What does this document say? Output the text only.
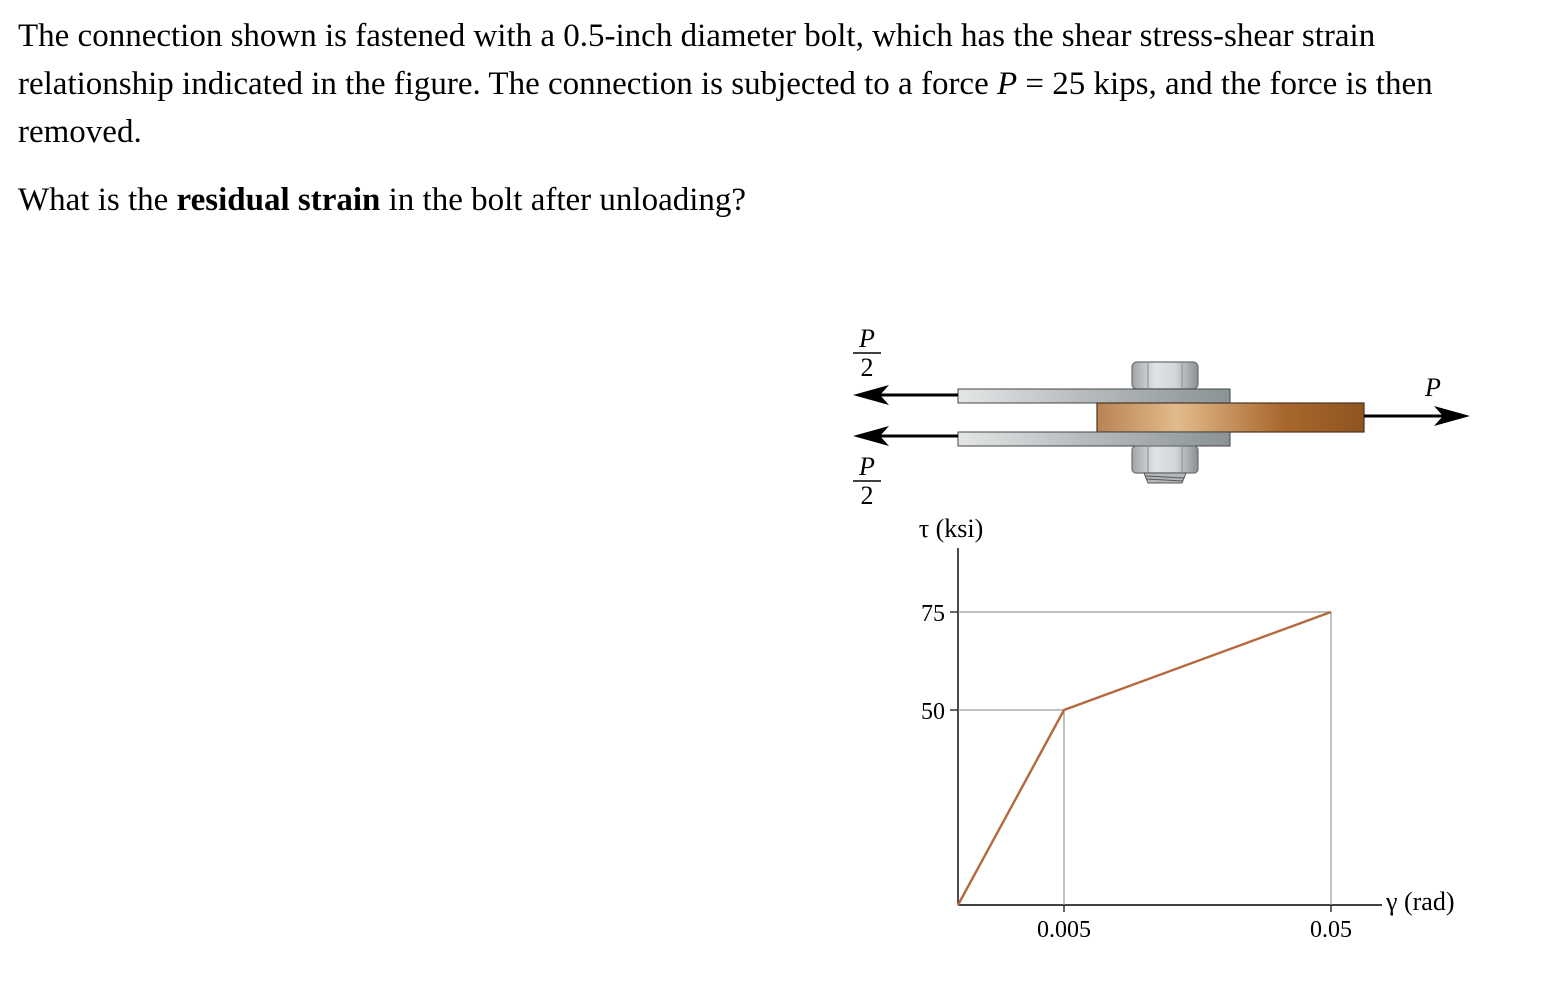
The connection shown is fastened with a 0.5-inch diameter bolt, which has the shear stress-shear strain relationship indicated in the figure. The connection is subjected to a force P = 25 kips, and the force is then removed.

What is the residual strain in the bolt after unloading?

P
2
P
2
P
τ (ksi)
γ (rad)
75
50
0.005	0.05
